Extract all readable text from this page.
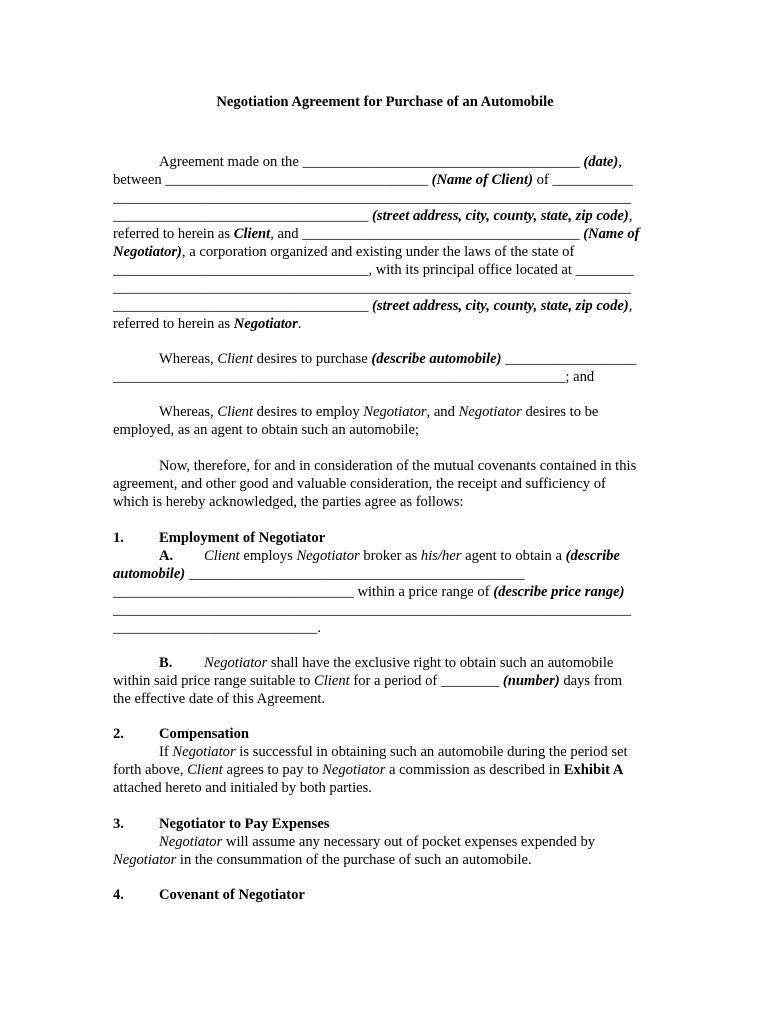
Negotiation Agreement for Purchase of an Automobile
Agreement made on the ______________________________________ (date),
between ____________________________________ (Name of Client) of ___________
_______________________________________________________________________
___________________________________ (street address, city, county, state, zip code),
referred to herein as Client, and ______________________________________ (Name of
Negotiator), a corporation organized and existing under the laws of the state of
___________________________________, with its principal office located at ________
_______________________________________________________________________
___________________________________ (street address, city, county, state, zip code),
referred to herein as Negotiator.
Whereas, Client desires to purchase (describe automobile) __________________
______________________________________________________________; and
Whereas, Client desires to employ Negotiator, and Negotiator desires to be
employed, as an agent to obtain such an automobile;
Now, therefore, for and in consideration of the mutual covenants contained in this
agreement, and other good and valuable consideration, the receipt and sufficiency of
which is hereby acknowledged, the parties agree as follows:
1. Employment of Negotiator
A. Client employs Negotiator broker as his/her agent to obtain a (describe
automobile) ______________________________________________
_________________________________ within a price range of (describe price range)
_______________________________________________________________________
____________________________.
B. Negotiator shall have the exclusive right to obtain such an automobile
within said price range suitable to Client for a period of ________ (number) days from
the effective date of this Agreement.
2. Compensation
If Negotiator is successful in obtaining such an automobile during the period set
forth above, Client agrees to pay to Negotiator a commission as described in Exhibit A
attached hereto and initialed by both parties.
3. Negotiator to Pay Expenses
Negotiator will assume any necessary out of pocket expenses expended by
Negotiator in the consummation of the purchase of such an automobile.
4. Covenant of Negotiator
